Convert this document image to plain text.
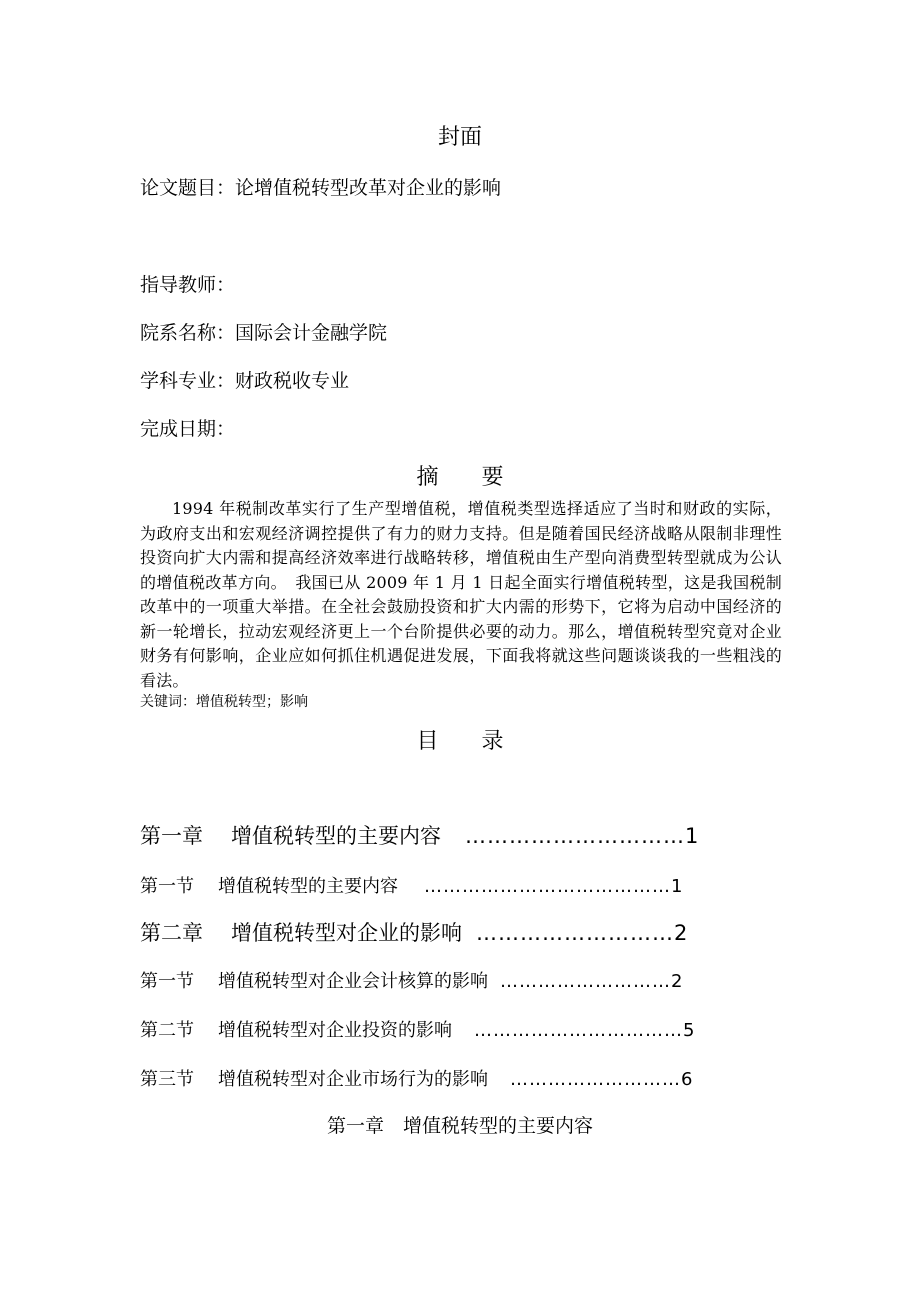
封面
论文题目：论增值税转型改革对企业的影响
指导教师：
院系名称：国际会计金融学院
学科专业：财政税收专业
完成日期：
摘 要
1994 年税制改革实行了生产型增值税，增值税类型选择适应了当时和财政的实际，为政府支出和宏观经济调控提供了有力的财力支持。但是随着国民经济战略从限制非理性投资向扩大内需和提高经济效率进行战略转移，增值税由生产型向消费型转型就成为公认的增值税改革方向。　我国已从 2009 年 1 月 1 日起全面实行增值税转型，这是我国税制改革中的一项重大举措。在全社会鼓励投资和扩大内需的形势下，它将为启动中国经济的新一轮增长，拉动宏观经济更上一个台阶提供必要的动力。那么，增值税转型究竟对企业财务有何影响，企业应如何抓住机遇促进发展，下面我将就这些问题谈谈我的一些粗浅的看法。
关键词：增值税转型；影响
目 录
第一章 增值税转型的主要内容 ………………………… 1
第一节 增值税转型的主要内容 ………………………………… 1
第二章 增值税转型对企业的影响 ……………………… 2
第一节 增值税转型对企业会计核算的影响 ……………………… 2
第二节 增值税转型对企业投资的影响 …………………………… 5
第三节 增值税转型对企业市场行为的影响 ……………………… 6
第一章　增值税转型的主要内容
